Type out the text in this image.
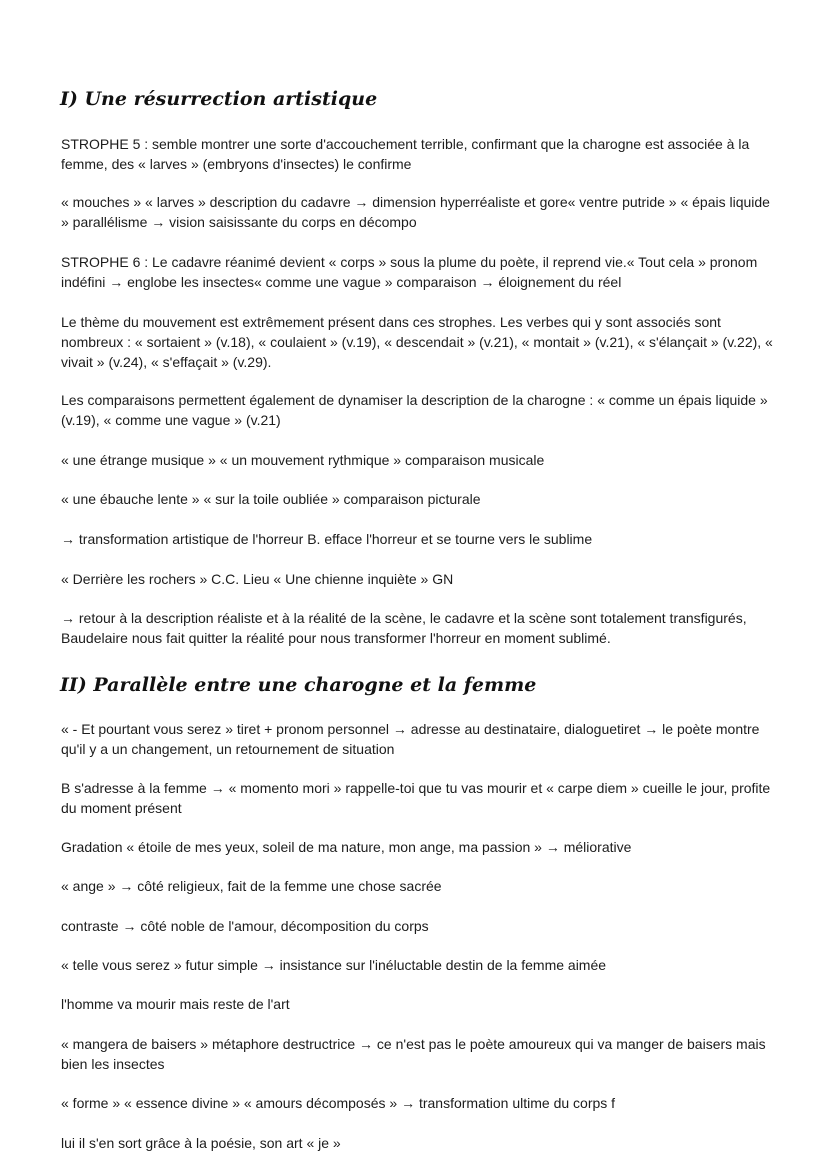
I) Une résurrection artistique

STROPHE 5 : semble montrer une sorte d'accouchement terrible, confirmant que la charogne est associée à la femme, des « larves » (embryons d'insectes) le confirme

« mouches » « larves » description du cadavre → dimension hyperréaliste et gore« ventre putride » « épais liquide » parallélisme → vision saisissante du corps en décompo

STROPHE 6 : Le cadavre réanimé devient « corps » sous la plume du poète, il reprend vie.« Tout cela » pronom indéfini → englobe les insectes« comme une vague » comparaison → éloignement du réel

Le thème du mouvement est extrêmement présent dans ces strophes. Les verbes qui y sont associés sont nombreux : « sortaient » (v.18), « coulaient » (v.19), « descendait » (v.21), « montait » (v.21), « s'élançait » (v.22), « vivait » (v.24), « s'effaçait » (v.29).

Les comparaisons permettent également de dynamiser la description de la charogne : « comme un épais liquide » (v.19), « comme une vague » (v.21)

« une étrange musique » « un mouvement rythmique » comparaison musicale

« une ébauche lente » « sur la toile oubliée » comparaison picturale

→ transformation artistique de l'horreur B. efface l'horreur et se tourne vers le sublime

« Derrière les rochers » C.C. Lieu « Une chienne inquiète » GN

→ retour à la description réaliste et à la réalité de la scène, le cadavre et la scène sont totalement transfigurés, Baudelaire nous fait quitter la réalité pour nous transformer l'horreur en moment sublimé.

II) Parallèle entre une charogne et la femme

« - Et pourtant vous serez » tiret + pronom personnel → adresse au destinataire, dialoguetiret → le poète montre qu'il y a un changement, un retournement de situation

B s'adresse à la femme → « momento mori » rappelle-toi que tu vas mourir et « carpe diem » cueille le jour, profite du moment présent

Gradation « étoile de mes yeux, soleil de ma nature, mon ange, ma passion » → méliorative

« ange » → côté religieux, fait de la femme une chose sacrée

contraste → côté noble de l'amour, décomposition du corps

« telle vous serez » futur simple → insistance sur l'inéluctable destin de la femme aimée

l'homme va mourir mais reste de l'art

« mangera de baisers » métaphore destructrice → ce n'est pas le poète amoureux qui va manger de baisers mais bien les insectes

« forme » « essence divine » « amours décomposés » → transformation ultime du corps f

lui il s'en sort grâce à la poésie, son art « je »
